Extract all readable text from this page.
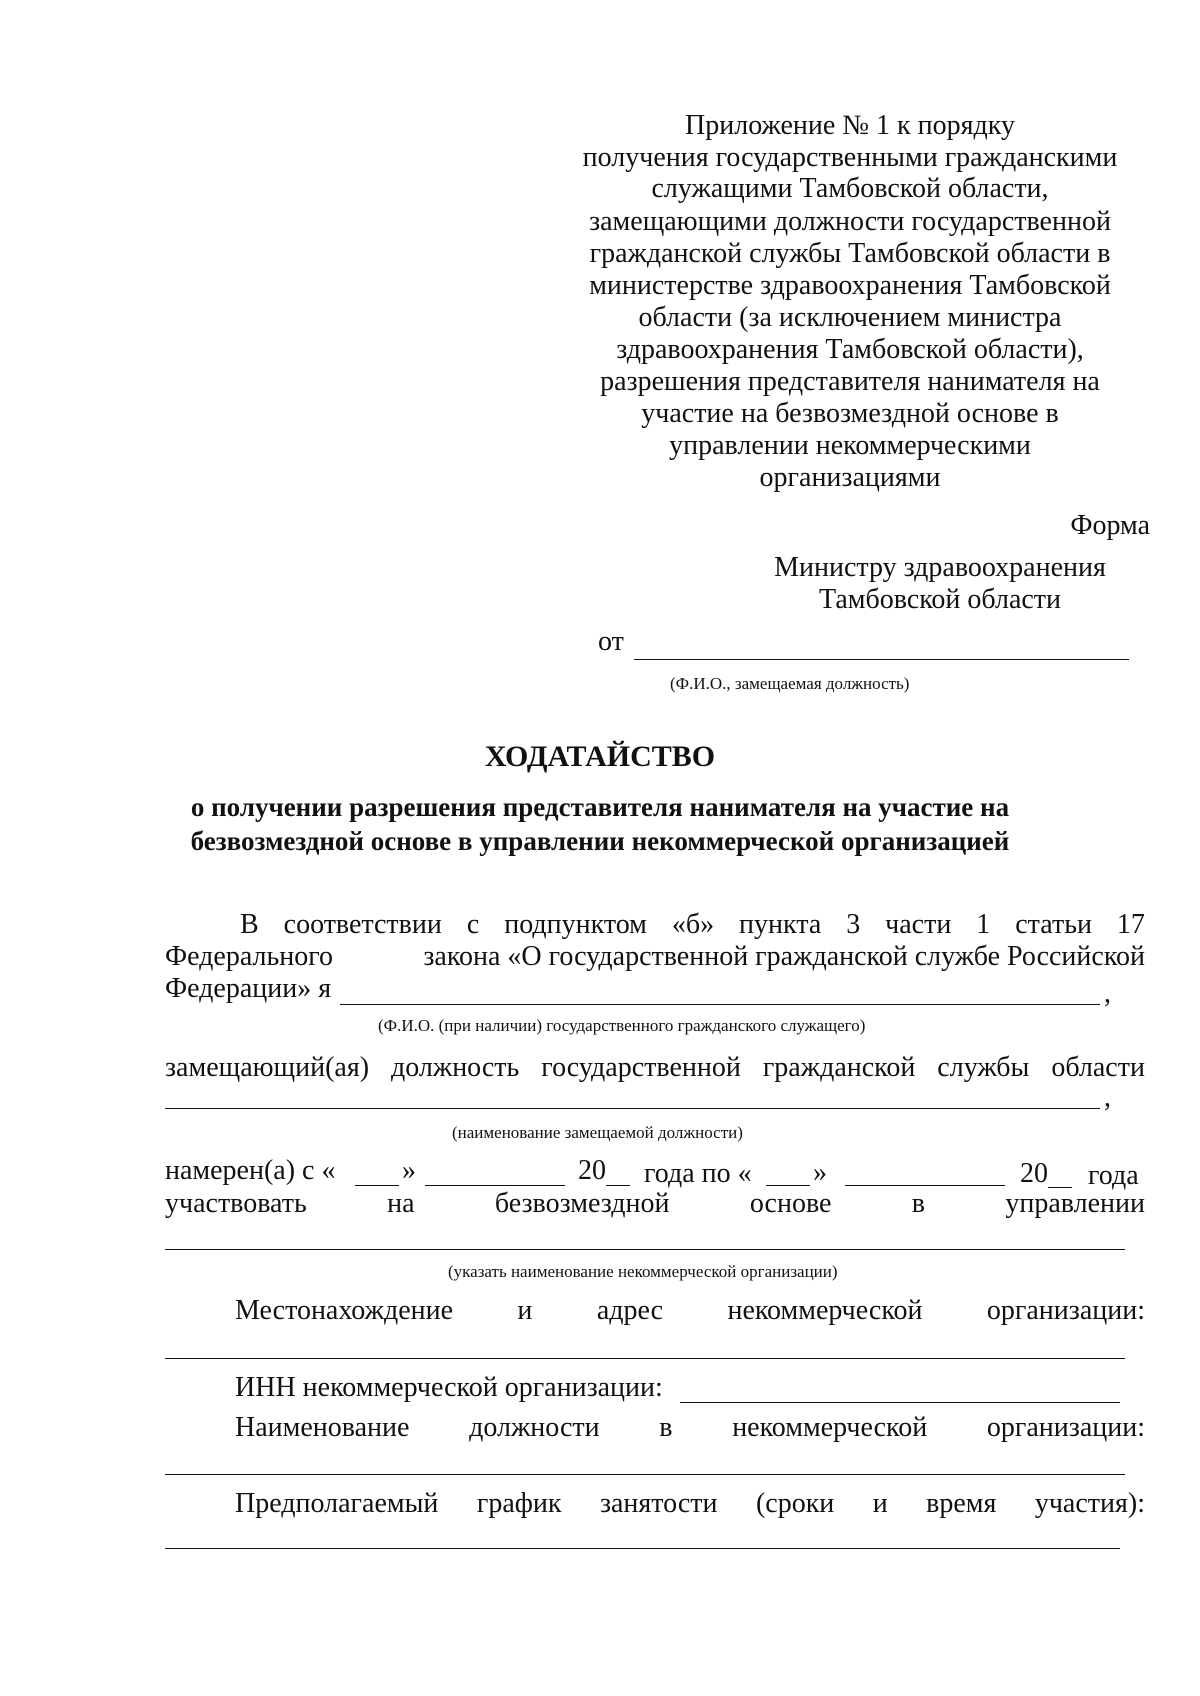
Приложение № 1 к порядку
получения государственными гражданскими
служащими Тамбовской области,
замещающими должности государственной
гражданской службы Тамбовской области в
министерстве здравоохранения Тамбовской
области (за исключением министра
здравоохранения Тамбовской области),
разрешения представителя нанимателя на
участие на безвозмездной основе в
управлении некоммерческими
организациями
Форма
Министру здравоохранения
Тамбовской области
от
(Ф.И.О., замещаемая должность)
ХОДАТАЙСТВО
о получении разрешения представителя нанимателя на участие на
безвозмездной основе в управлении некоммерческой организацией
В соответствии с подпунктом «б» пункта 3 части 1 статьи 17
Федерального	закона «О государственной гражданской службе Российской
Федерации» я	,
(Ф.И.О. (при наличии) государственного гражданского служащего)
замещающий(ая) должность государственной гражданской службы области
,
(наименование замещаемой должности)
намерен(а) с « »	20 года по « »	20 года
участвовать	на	безвозмездной	основе	в	управлении
(указать наименование некоммерческой организации)
Местонахождение и адрес некоммерческой организации:
ИНН некоммерческой организации:
Наименование должности в некоммерческой организации:
Предполагаемый график занятости (сроки и время участия):
